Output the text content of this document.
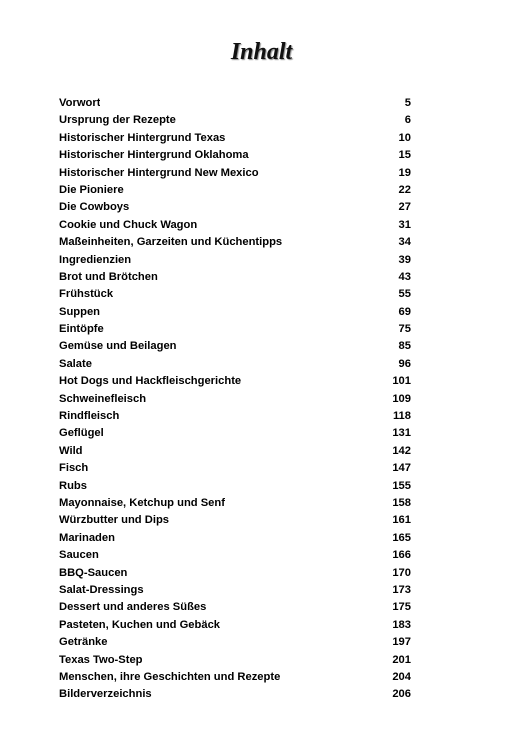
Inhalt
Vorwort	5
Ursprung der Rezepte	6
Historischer Hintergrund Texas	10
Historischer Hintergrund Oklahoma	15
Historischer Hintergrund New Mexico	19
Die Pioniere	22
Die Cowboys	27
Cookie und Chuck Wagon	31
Maßeinheiten, Garzeiten und Küchentipps	34
Ingredienzien	39
Brot und Brötchen	43
Frühstück	55
Suppen	69
Eintöpfe	75
Gemüse und Beilagen	85
Salate	96
Hot Dogs und Hackfleischgerichte	101
Schweinefleisch	109
Rindfleisch	118
Geflügel	131
Wild	142
Fisch	147
Rubs	155
Mayonnaise, Ketchup und Senf	158
Würzbutter und Dips	161
Marinaden	165
Saucen	166
BBQ-Saucen	170
Salat-Dressings	173
Dessert und anderes Süßes	175
Pasteten, Kuchen und Gebäck	183
Getränke	197
Texas Two-Step	201
Menschen, ihre Geschichten und Rezepte	204
Bilderverzeichnis	206
